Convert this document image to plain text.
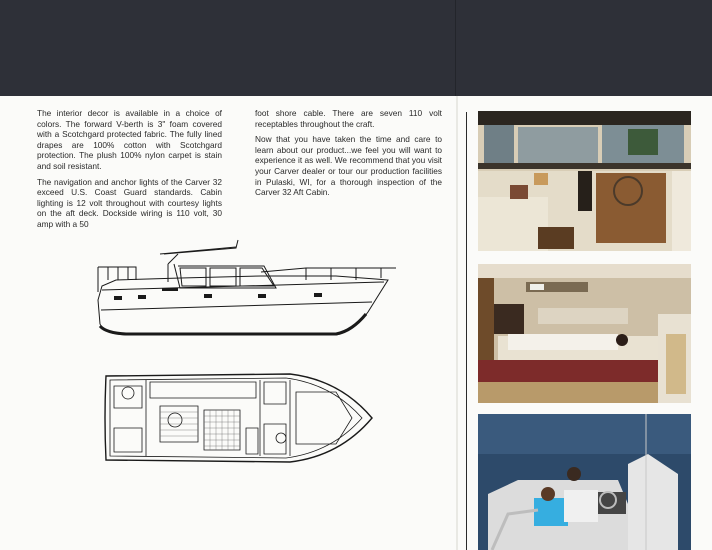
The interior decor is available in a choice of colors. The forward V-berth is 3" foam covered with a Scotchgard protected fabric. The fully lined drapes are 100% cotton with Scotchgard protection. The plush 100% nylon carpet is stain and soil resistant.

The navigation and anchor lights of the Carver 32 exceed U.S. Coast Guard standards. Cabin lighting is 12 volt throughout with courtesy lights on the aft deck. Dockside wiring is 110 volt, 30 amp with a 50

foot shore cable. There are seven 110 volt receptables throughout the craft.

Now that you have taken the time and care to learn about our product...we feel you will want to experience it as well. We recommend that you visit your Carver dealer or tour our production facilities in Pulaski, WI, for a thorough inspection of the Carver 32 Aft Cabin.
